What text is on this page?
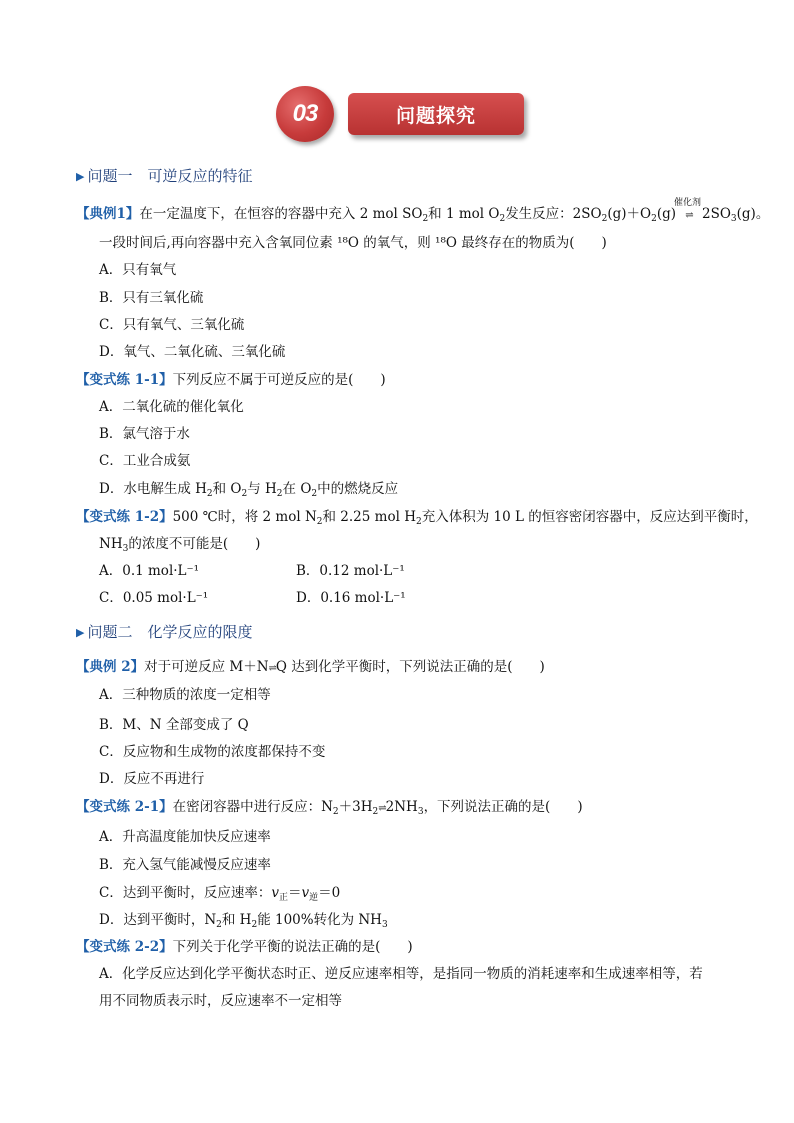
03	问题探究
▶ 问题一　可逆反应的特征
【典例1】在一定温度下，在恒容的容器中充入 2 mol $SO_2$和 1 mol $O_2$发生反应：$2SO_2(g)+O_2(g)$
催化剂
⇌ $2SO_3(g)$。
一段时间后,再向容器中充入含氧同位素 ¹⁸O 的氧气，则 ¹⁸O 最终存在的物质为(　　)
A．只有氧气
B．只有三氧化硫
C．只有氧气、三氧化硫
D．氧气、二氧化硫、三氧化硫
【变式练 1-1】下列反应不属于可逆反应的是(　　)
A．二氧化硫的催化氧化
B．氯气溶于水
C．工业合成氨
D．水电解生成 $H_2$和 $O_2$与 $H_2$在 $O_2$中的燃烧反应
【变式练 1-2】500 ℃时，将 2 mol $N_2$和 2.25 mol $H_2$充入体积为 10 L 的恒容密闭容器中，反应达到平衡时，
$NH_3$的浓度不可能是(　　)
A．0.1 mol·L⁻¹	B．0.12 mol·L⁻¹
C．0.05 mol·L⁻¹	D．0.16 mol·L⁻¹
▶ 问题二　化学反应的限度
【典例 2】对于可逆反应 M＋N⇌Q 达到化学平衡时，下列说法正确的是(　　)
A．三种物质的浓度一定相等
B．M、N 全部变成了 Q
C．反应物和生成物的浓度都保持不变
D．反应不再进行
【变式练 2-1】在密闭容器中进行反应：$N_2+3H_2\rightleftharpoons 2NH_3$，下列说法正确的是(　　)
A．升高温度能加快反应速率
B．充入氢气能减慢反应速率
C．达到平衡时，反应速率：$v_正=v_逆=0$
D．达到平衡时，$N_2$和 $H_2$能 100%转化为 $NH_3$
【变式练 2-2】下列关于化学平衡的说法正确的是(　　)
A．化学反应达到化学平衡状态时正、逆反应速率相等，是指同一物质的消耗速率和生成速率相等，若
用不同物质表示时，反应速率不一定相等
